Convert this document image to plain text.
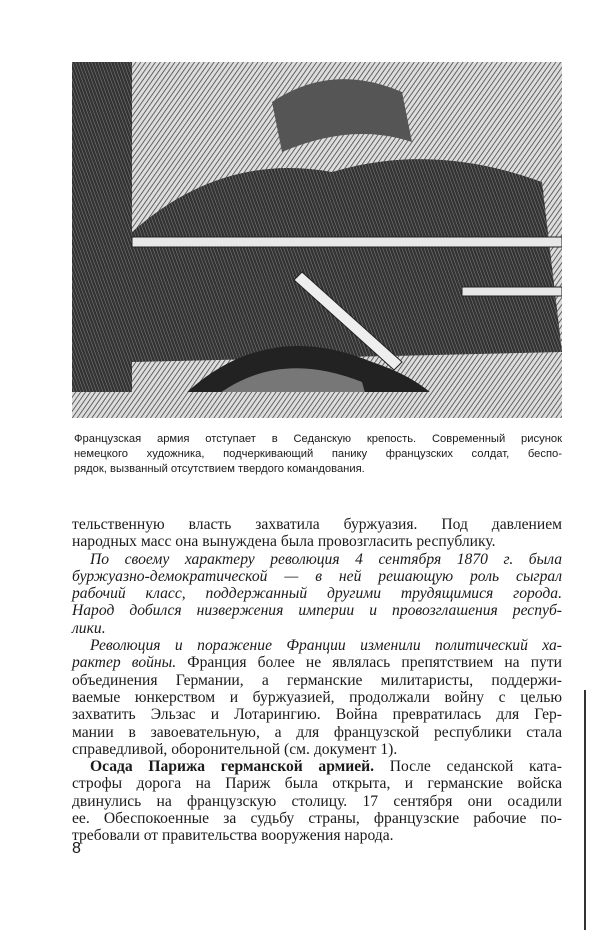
Французская армия отступает в Седанскую крепость. Современный рисунок
немецкого художника, подчеркивающий панику французских солдат, беспо-
рядок, вызванный отсутствием твердого командования.
тельственную власть захватила буржуазия. Под давлением
народных масс она вынуждена была провозгласить республику.
По своему характеру революция 4 сентября 1870 г. была
буржуазно-демократической — в ней решающую роль сыграл
рабочий класс, поддержанный другими трудящимися города.
Народ добился низвержения империи и провозглашения респуб-
лики.
Революция и поражение Франции изменили политический ха-
рактер войны. Франция более не являлась препятствием на пути
объединения Германии, а германские милитаристы, поддержи-
ваемые юнкерством и буржуазией, продолжали войну с целью
захватить Эльзас и Лотарингию. Война превратилась для Гер-
мании в завоевательную, а для французской республики стала
справедливой, оборонительной (см. документ 1).
Осада Парижа германской армией. После седанской ката-
строфы дорога на Париж была открыта, и германские войска
двинулись на французскую столицу. 17 сентября они осадили
ее. Обеспокоенные за судьбу страны, французские рабочие по-
требовали от правительства вооружения народа.
8
